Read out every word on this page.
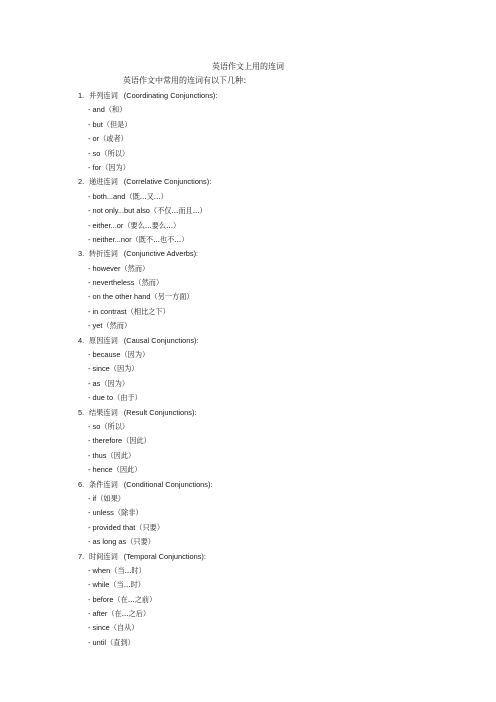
英语作文上用的连词

英语作文中常用的连词有以下几种：

1. 并列连词 (Coordinating Conjunctions):
- and（和）
- but（但是）
- or（或者）
- so（所以）
- for（因为）
2. 递进连词 (Correlative Conjunctions):
- both...and（既...又...）
- not only...but also（不仅...而且...）
- either...or（要么...要么...）
- neither...nor（既不...也不...）
3. 转折连词 (Conjunctive Adverbs):
- however（然而）
- nevertheless（然而）
- on the other hand（另一方面）
- in contrast（相比之下）
- yet（然而）
4. 原因连词 (Causal Conjunctions):
- because（因为）
- since（因为）
- as（因为）
- due to（由于）
5. 结果连词 (Result Conjunctions):
- so（所以）
- therefore（因此）
- thus（因此）
- hence（因此）
6. 条件连词 (Conditional Conjunctions):
- if（如果）
- unless（除非）
- provided that（只要）
- as long as（只要）
7. 时间连词 (Temporal Conjunctions):
- when（当...时）
- while（当...时）
- before（在...之前）
- after（在...之后）
- since（自从）
- until（直到）
